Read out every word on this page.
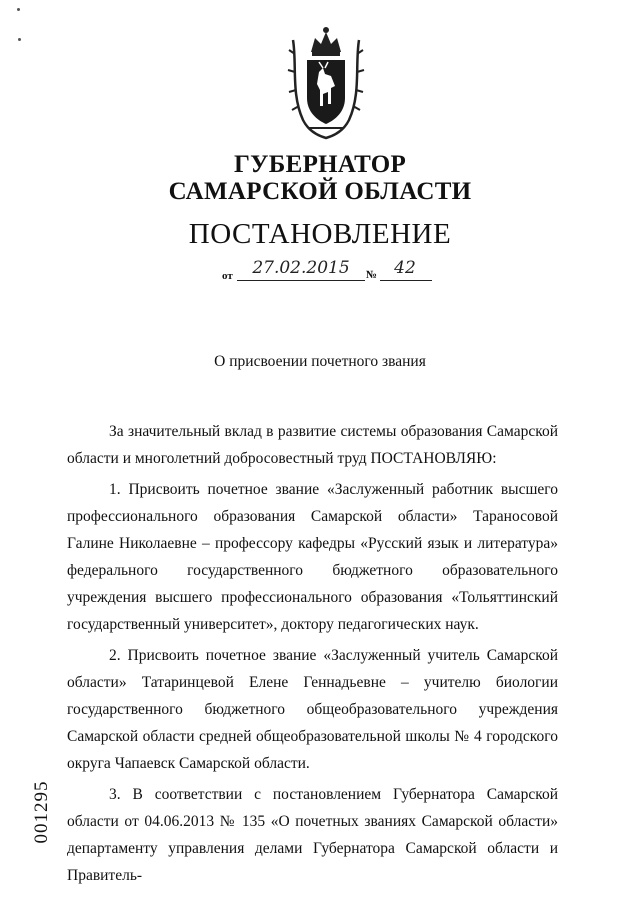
ГУБЕРНАТОР
САМАРСКОЙ ОБЛАСТИ
ПОСТАНОВЛЕНИЕ
от	27.02.2015	№	42
О присвоении почетного звания

За значительный вклад в развитие системы образования Самарской области и многолетний добросовестный труд ПОСТАНОВЛЯЮ:

1. Присвоить почетное звание «Заслуженный работник высшего профессионального образования Самарской области» Тараносовой Галине Николаевне – профессору кафедры «Русский язык и литература» федерального государственного бюджетного образовательного учреждения высшего профессионального образования «Тольяттинский государственный университет», доктору педагогических наук.

2. Присвоить почетное звание «Заслуженный учитель Самарской области» Татаринцевой Елене Геннадьевне – учителю биологии государственного бюджетного общеобразовательного учреждения Самарской области средней общеобразовательной школы № 4 городского округа Чапаевск Самарской области.

3. В соответствии с постановлением Губернатора Самарской области от 04.06.2013 № 135 «О почетных званиях Самарской области» департаменту управления делами Губернатора Самарской области и Правитель-

001295
